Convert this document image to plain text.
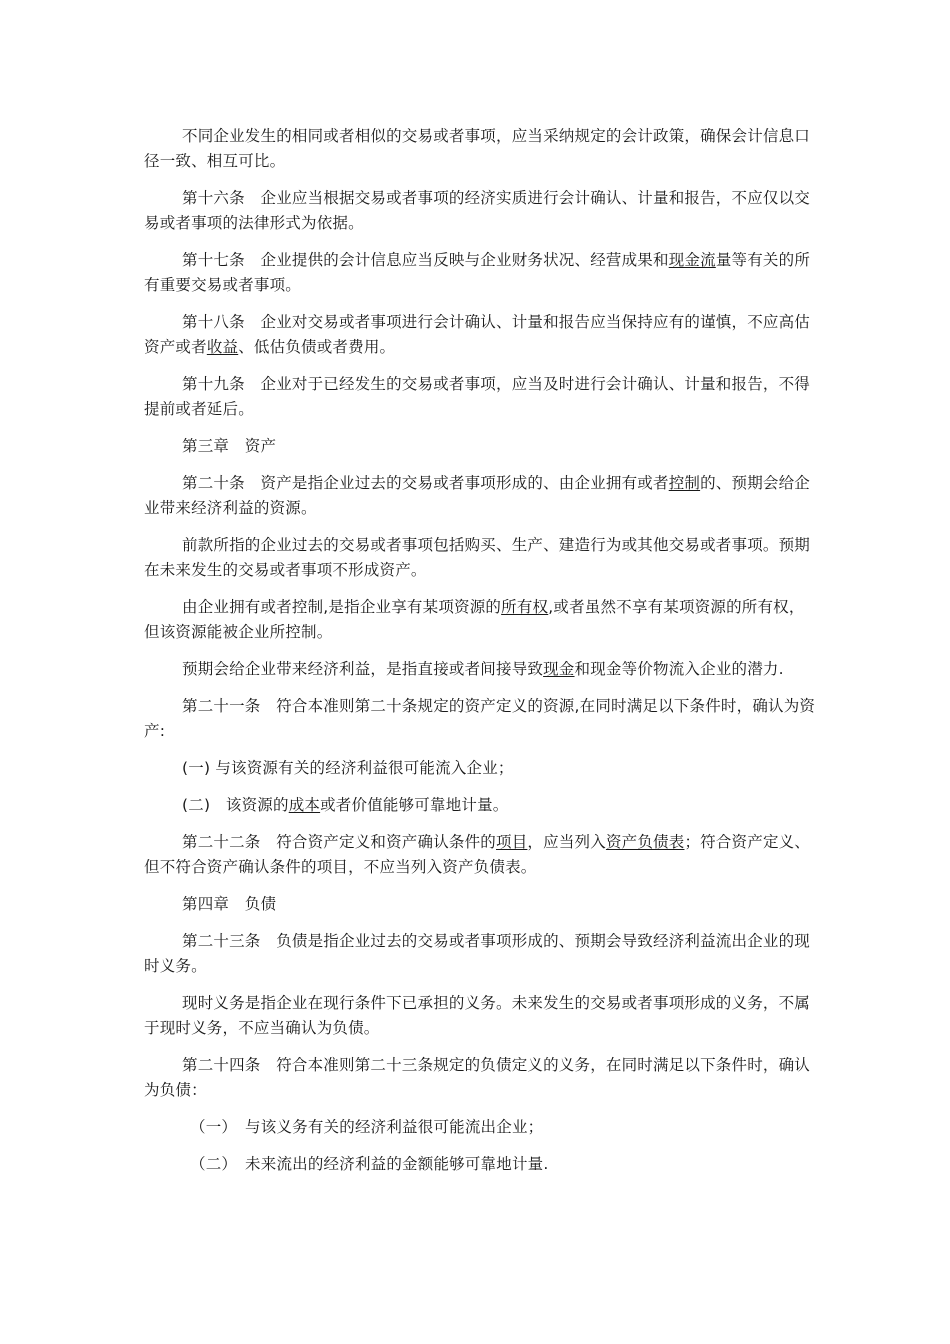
不同企业发生的相同或者相似的交易或者事项，应当采纳规定的会计政策，确保会计信息口径一致、相互可比。

第十六条　企业应当根据交易或者事项的经济实质进行会计确认、计量和报告，不应仅以交易或者事项的法律形式为依据。

第十七条　企业提供的会计信息应当反映与企业财务状况、经营成果和现金流量等有关的所有重要交易或者事项。

第十八条　企业对交易或者事项进行会计确认、计量和报告应当保持应有的谨慎，不应高估资产或者收益、低估负债或者费用。

第十九条　企业对于已经发生的交易或者事项，应当及时进行会计确认、计量和报告，不得提前或者延后。

第三章　资产

第二十条　资产是指企业过去的交易或者事项形成的、由企业拥有或者控制的、预期会给企业带来经济利益的资源。

前款所指的企业过去的交易或者事项包括购买、生产、建造行为或其他交易或者事项。预期在未来发生的交易或者事项不形成资产。

由企业拥有或者控制,是指企业享有某项资源的所有权,或者虽然不享有某项资源的所有权，但该资源能被企业所控制。

预期会给企业带来经济利益，是指直接或者间接导致现金和现金等价物流入企业的潜力.

第二十一条　符合本准则第二十条规定的资产定义的资源,在同时满足以下条件时，确认为资产:

(一) 与该资源有关的经济利益很可能流入企业；

(二)　该资源的成本或者价值能够可靠地计量。

第二十二条　符合资产定义和资产确认条件的项目，应当列入资产负债表；符合资产定义、但不符合资产确认条件的项目，不应当列入资产负债表。

第四章　负债

第二十三条　负债是指企业过去的交易或者事项形成的、预期会导致经济利益流出企业的现时义务。

现时义务是指企业在现行条件下已承担的义务。未来发生的交易或者事项形成的义务，不属于现时义务，不应当确认为负债。

第二十四条　符合本准则第二十三条规定的负债定义的义务，在同时满足以下条件时，确认为负债：

（一）　与该义务有关的经济利益很可能流出企业；

（二）　未来流出的经济利益的金额能够可靠地计量.
